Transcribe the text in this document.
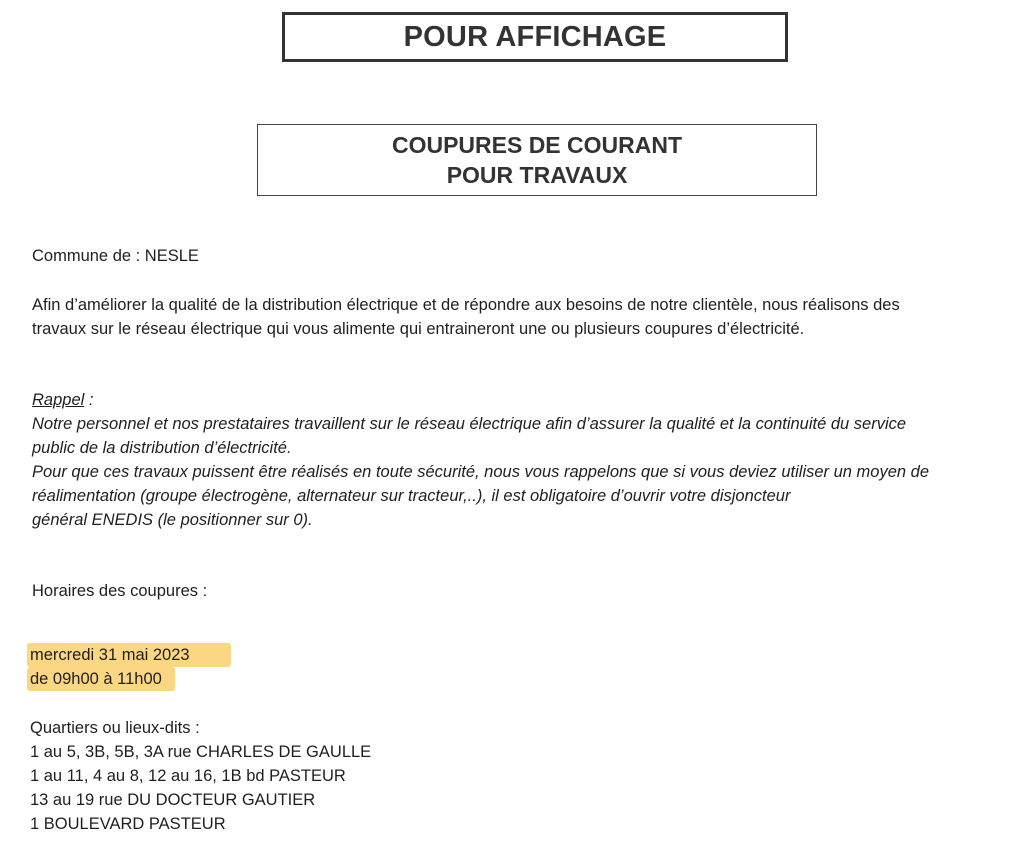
POUR AFFICHAGE
COUPURES DE COURANT
POUR TRAVAUX
Commune de : NESLE
Afin d’améliorer la qualité de la distribution électrique et de répondre aux besoins de notre clientèle, nous réalisons des
travaux sur le réseau électrique qui vous alimente qui entraineront une ou plusieurs coupures d’électricité.
Rappel :
Notre personnel et nos prestataires travaillent sur le réseau électrique afin d’assurer la qualité et la continuité du service
public de la distribution d’électricité.
Pour que ces travaux puissent être réalisés en toute sécurité, nous vous rappelons que si vous deviez utiliser un moyen de
réalimentation (groupe électrogène, alternateur sur tracteur,..), il est obligatoire d’ouvrir votre disjoncteur
général ENEDIS (le positionner sur 0).
Horaires des coupures :
mercredi 31 mai 2023
de 09h00 à 11h00
Quartiers ou lieux-dits :
1 au 5, 3B, 5B, 3A rue CHARLES DE GAULLE
1 au 11, 4 au 8, 12 au 16, 1B bd PASTEUR
13 au 19 rue DU DOCTEUR GAUTIER
1 BOULEVARD PASTEUR
